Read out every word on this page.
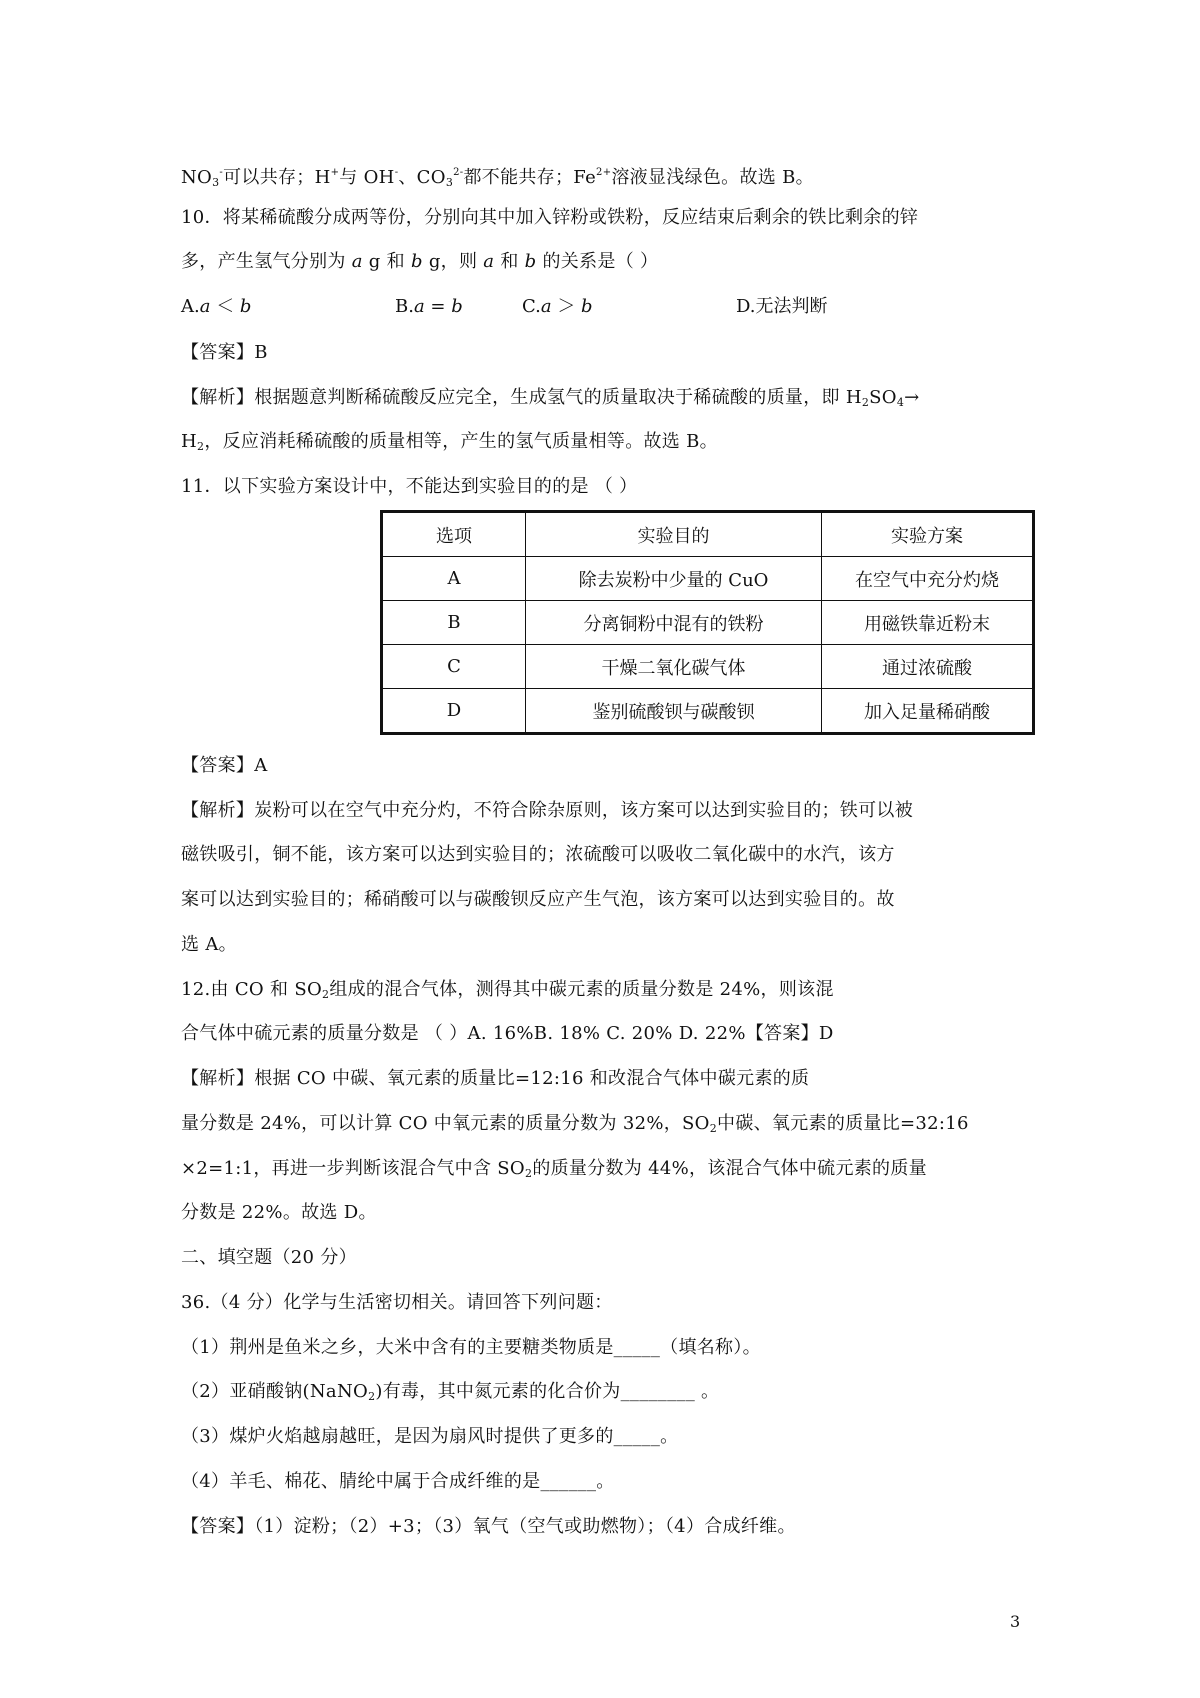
$NO_3^-$可以共存；H+与 OH-、$CO_3^{2-}$都不能共存；$Fe^{2+}$溶液显浅绿色。故选 B。
10．将某稀硫酸分成两等份，分别向其中加入锌粉或铁粉，反应结束后剩余的铁比剩余的锌
多，产生氢气分别为 a g 和 b g，则 a 和 b 的关系是（ ）
A.a ＜ b	B.a = b	C.a ＞ b	D.无法判断
【答案】B
【解析】根据题意判断稀硫酸反应完全，生成氢气的质量取决于稀硫酸的质量，即 $H_2SO_4\to$
$H_2$，反应消耗稀硫酸的质量相等，产生的氢气质量相等。故选 B。
11．以下实验方案设计中，不能达到实验目的的是 （ ）
选项	实验目的	实验方案
A	除去炭粉中少量的 CuO	在空气中充分灼烧
B	分离铜粉中混有的铁粉	用磁铁靠近粉末
C	干燥二氧化碳气体	通过浓硫酸
D	鉴别硫酸钡与碳酸钡	加入足量稀硝酸
【答案】A
【解析】炭粉可以在空气中充分灼，不符合除杂原则，该方案可以达到实验目的；铁可以被
磁铁吸引，铜不能，该方案可以达到实验目的；浓硫酸可以吸收二氧化碳中的水汽，该方
案可以达到实验目的；稀硝酸可以与碳酸钡反应产生气泡，该方案可以达到实验目的。故
选 A。
12.由 CO 和 $SO_2$组成的混合气体，测得其中碳元素的质量分数是 24%，则该混
合气体中硫元素的质量分数是 （ ）A. 16%B. 18% C. 20% D. 22%【答案】D
【解析】根据 CO 中碳、氧元素的质量比=12:16 和改混合气体中碳元素的质
量分数是 24%，可以计算 CO 中氧元素的质量分数为 32%，$SO_2$中碳、氧元素的质量比=32:16
×2=1:1，再进一步判断该混合气中含 $SO_2$的质量分数为 44%，该混合气体中硫元素的质量
分数是 22%。故选 D。
二、填空题（20 分）
36.（4 分）化学与生活密切相关。请回答下列问题：
（1）荆州是鱼米之乡，大米中含有的主要糖类物质是_____（填名称）。
（2）亚硝酸钠(NaNO$_2$)有毒，其中氮元素的化合价为________ 。
（3）煤炉火焰越扇越旺，是因为扇风时提供了更多的_____。
（4）羊毛、棉花、腈纶中属于合成纤维的是______。
【答案】（1）淀粉；（2）+3；（3）氧气（空气或助燃物）；（4）合成纤维。
3
